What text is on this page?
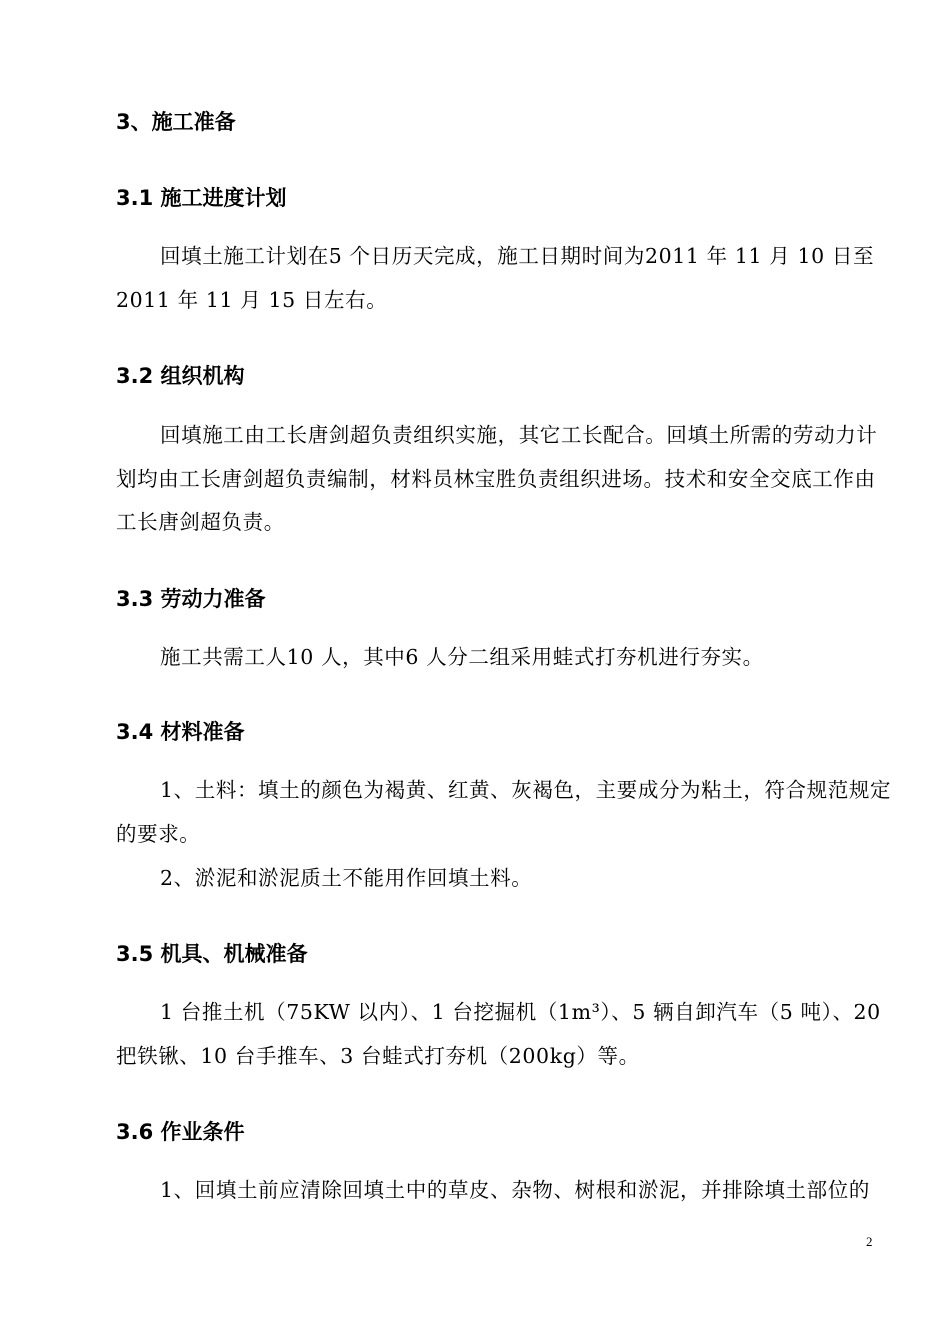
3、施工准备
3.1 施工进度计划
回填土施工计划在5 个日历天完成，施工日期时间为2011 年 11 月 10 日至2011 年 11 月 15 日左右。
3.2 组织机构
回填施工由工长唐剑超负责组织实施，其它工长配合。回填土所需的劳动力计划均由工长唐剑超负责编制，材料员林宝胜负责组织进场。技术和安全交底工作由工长唐剑超负责。
3.3 劳动力准备
施工共需工人10 人，其中6 人分二组采用蛙式打夯机进行夯实。
3.4 材料准备
1、土料：填土的颜色为褐黄、红黄、灰褐色，主要成分为粘土，符合规范规定的要求。
2、淤泥和淤泥质土不能用作回填土料。
3.5 机具、机械准备
1 台推土机（75KW 以内）、1 台挖掘机（1m³）、5 辆自卸汽车（5 吨）、20 把铁锹、10 台手推车、3 台蛙式打夯机（200kg）等。
3.6 作业条件
1、回填土前应清除回填土中的草皮、杂物、树根和淤泥，并排除填土部位的
2
